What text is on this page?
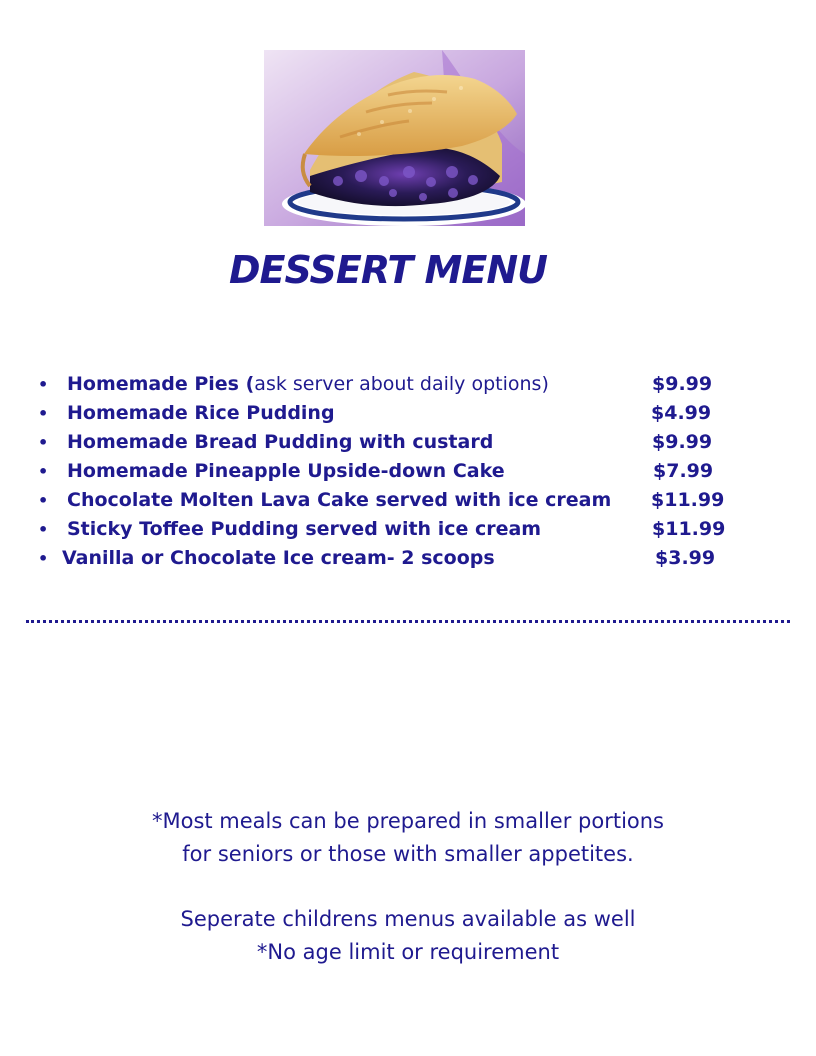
DESSERT MENU
• Homemade Pies (ask server about daily options)	$9.99
• Homemade Rice Pudding	$4.99
• Homemade Bread Pudding with custard	$9.99
• Homemade Pineapple Upside-down Cake	$7.99
• Chocolate Molten Lava Cake served with ice cream $11.99
• Sticky Toffee Pudding served with ice cream	$11.99
• Vanilla or Chocolate Ice cream- 2 scoops	$3.99
*Most meals can be prepared in smaller portions
for seniors or those with smaller appetites.
Seperate childrens menus available as well
*No age limit or requirement
